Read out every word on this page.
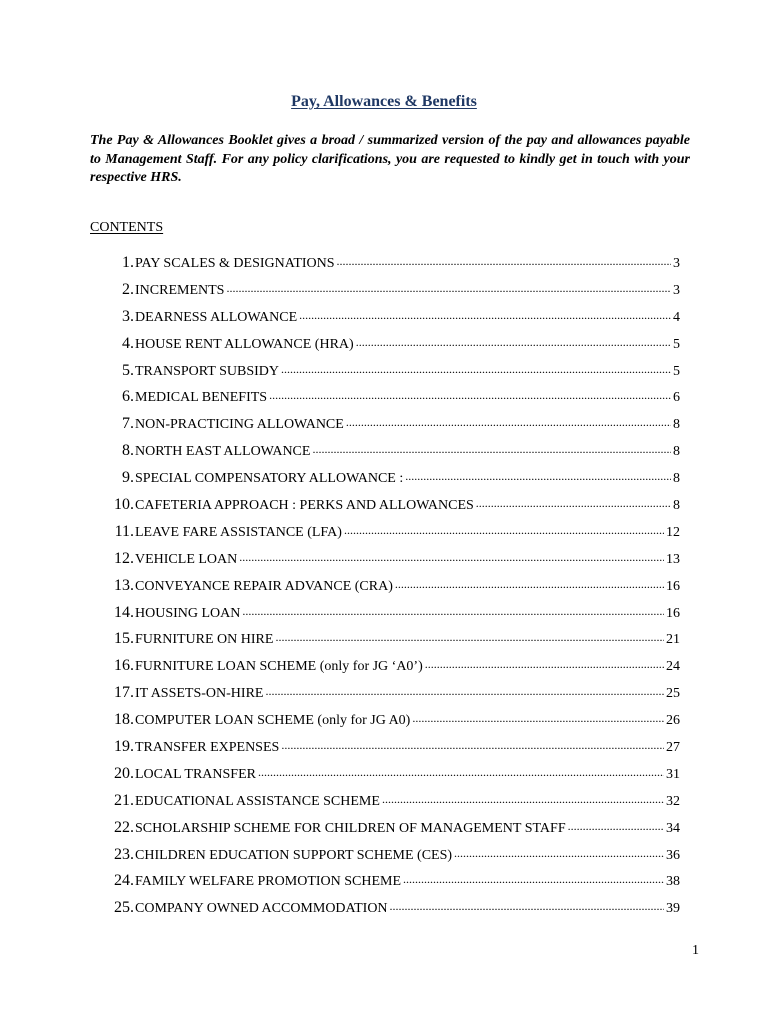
Pay, Allowances & Benefits
The Pay & Allowances Booklet gives a broad / summarized version of the pay and allowances payable to Management Staff. For any policy clarifications, you are requested to kindly get in touch with your respective HRS.
CONTENTS
1. PAY SCALES & DESIGNATIONS .....	3
2. INCREMENTS .....	3
3. DEARNESS ALLOWANCE .....	4
4. HOUSE RENT ALLOWANCE (HRA) .....	5
5. TRANSPORT SUBSIDY .....	5
6. MEDICAL BENEFITS .....	6
7. NON-PRACTICING ALLOWANCE .....	8
8. NORTH EAST ALLOWANCE .....	8
9. SPECIAL COMPENSATORY ALLOWANCE : .....	8
10. CAFETERIA APPROACH : PERKS AND ALLOWANCES .....	8
11. LEAVE FARE ASSISTANCE (LFA) .....	12
12. VEHICLE LOAN .....	13
13. CONVEYANCE REPAIR ADVANCE (CRA) .....	16
14. HOUSING LOAN .....	16
15. FURNITURE ON HIRE .....	21
16. FURNITURE LOAN SCHEME (only for JG ‘A0’) .....	24
17. IT ASSETS-ON-HIRE .....	25
18. COMPUTER LOAN SCHEME (only for JG A0) .....	26
19. TRANSFER EXPENSES .....	27
20. LOCAL TRANSFER .....	31
21. EDUCATIONAL ASSISTANCE SCHEME .....	32
22. SCHOLARSHIP SCHEME FOR CHILDREN OF MANAGEMENT STAFF .....	34
23. CHILDREN EDUCATION SUPPORT SCHEME (CES) .....	36
24. FAMILY WELFARE PROMOTION SCHEME .....	38
25. COMPANY OWNED ACCOMMODATION .....	39
1
